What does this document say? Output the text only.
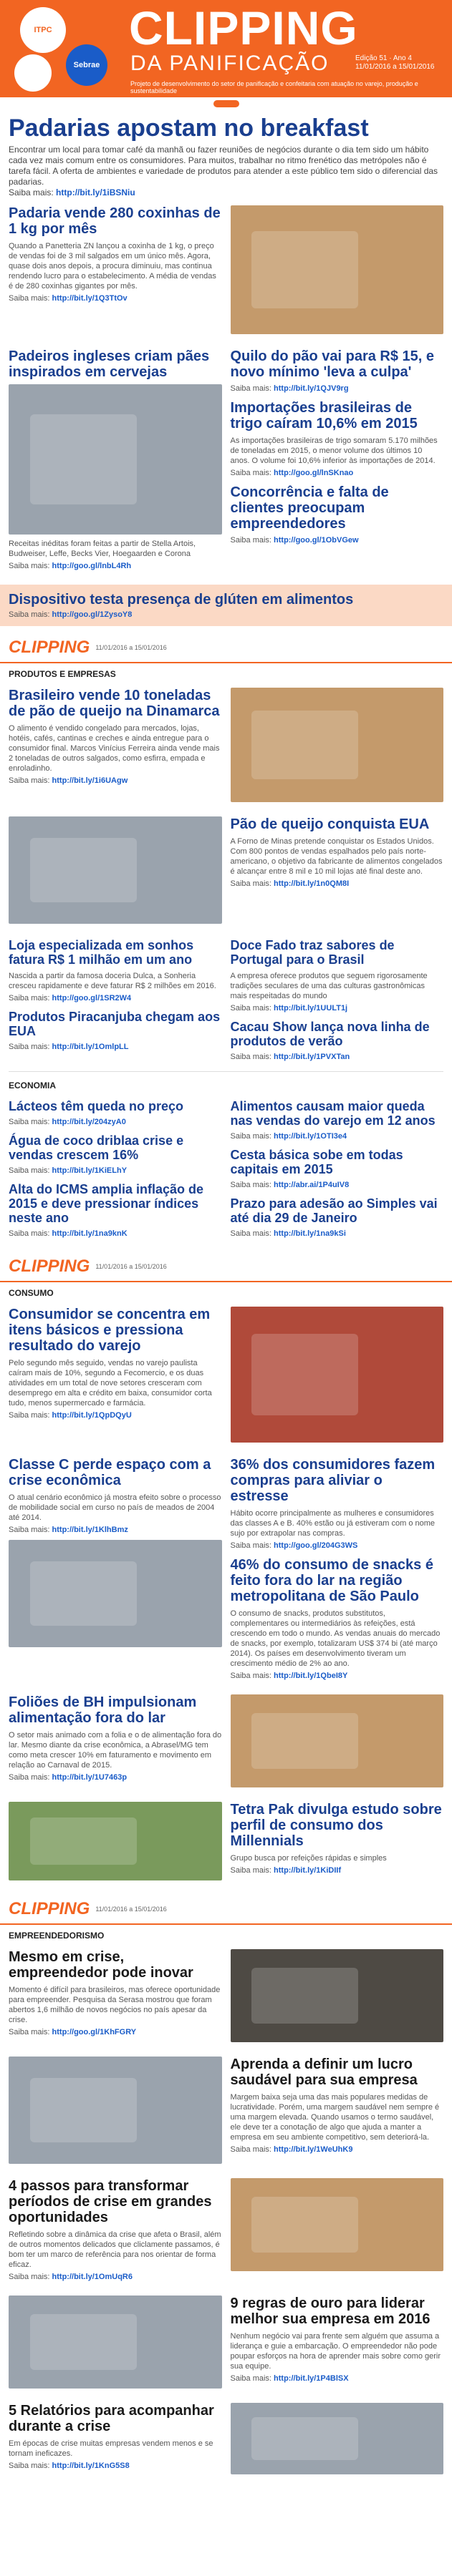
ITPC
Sebrae
CLIPPING
DA PANIFICAÇÃO	Edição 51 · Ano 4
11/01/2016 a 15/01/2016
Projeto de desenvolvimento do setor de panificação e confeitaria com atuação no varejo, produção e sustentabilidade
Padarias apostam no breakfast

Encontrar um local para tomar café da manhã ou fazer reuniões de negócios durante o dia tem sido um hábito cada vez mais comum entre os consumidores. Para muitos, trabalhar no ritmo frenético das metrópoles não é tarefa fácil. A oferta de ambientes e variedade de produtos para atender a este público tem sido o diferencial das padarias.

Saiba mais: http://bit.ly/1iBSNiu

Padaria vende 280 coxinhas de 1 kg por mês

Quando a Panetteria ZN lançou a coxinha de 1 kg, o preço de vendas foi de 3 mil salgados em um único mês. Agora, quase dois anos depois, a procura diminuiu, mas continua rendendo lucro para o estabelecimento. A média de vendas é de 280 coxinhas gigantes por mês.

Saiba mais: http://bit.ly/1Q3TtOv

Padeiros ingleses criam pães inspirados em cervejas

Receitas inéditas foram feitas a partir de Stella Artois, Budweiser, Leffe, Becks Vier, Hoegaarden e Corona

Saiba mais: http://goo.gl/lnbL4Rh

Quilo do pão vai para R$ 15, e novo mínimo 'leva a culpa'

Saiba mais: http://bit.ly/1QJV9rg

Importações brasileiras de trigo caíram 10,6% em 2015

As importações brasileiras de trigo somaram 5.170 milhões de toneladas em 2015, o menor volume dos últimos 10 anos. O volume foi 10,6% inferior às importações de 2014.

Saiba mais: http://goo.gl/lnSKnao

Concorrência e falta de clientes preocupam empreendedores

Saiba mais: http://goo.gl/1ObVGew

Dispositivo testa presença de glúten em alimentos

Saiba mais: http://goo.gl/1ZysoY8

CLIPPING 11/01/2016 a 15/01/2016
PRODUTOS E EMPRESAS
Brasileiro vende 10 toneladas de pão de queijo na Dinamarca

O alimento é vendido congelado para mercados, lojas, hotéis, cafés, cantinas e creches e ainda entregue para o consumidor final. Marcos Vinícius Ferreira ainda vende mais 2 toneladas de outros salgados, como esfirra, empada e enroladinho.

Saiba mais: http://bit.ly/1i6UAgw

Pão de queijo conquista EUA

A Forno de Minas pretende conquistar os Estados Unidos. Com 800 pontos de vendas espalhados pelo país norte-americano, o objetivo da fabricante de alimentos congelados é alcançar entre 8 mil e 10 mil lojas até final deste ano.

Saiba mais: http://bit.ly/1n0QM8I

Loja especializada em sonhos fatura R$ 1 milhão em um ano

Nascida a partir da famosa doceria Dulca, a Sonheria cresceu rapidamente e deve faturar R$ 2 milhões em 2016.

Saiba mais: http://goo.gl/1SR2W4

Produtos Piracanjuba chegam aos EUA

Saiba mais: http://bit.ly/1OmlpLL

Doce Fado traz sabores de Portugal para o Brasil

A empresa oferece produtos que seguem rigorosamente tradições seculares de uma das culturas gastronômicas mais respeitadas do mundo

Saiba mais: http://bit.ly/1UULT1j

Cacau Show lança nova linha de produtos de verão

Saiba mais: http://bit.ly/1PVXTan

ECONOMIA
Lácteos têm queda no preço

Saiba mais: http://bit.ly/204zyA0

Água de coco driblaa crise e vendas crescem 16%

Saiba mais: http://bit.ly/1KiELhY

Alta do ICMS amplia inflação de 2015 e deve pressionar índices neste ano

Saiba mais: http://bit.ly/1na9knK

Alimentos causam maior queda nas vendas do varejo em 12 anos

Saiba mais: http://bit.ly/1OTI3e4

Cesta básica sobe em todas capitais em 2015

Saiba mais: http://abr.ai/1P4uIV8

Prazo para adesão ao Simples vai até dia 29 de Janeiro

Saiba mais: http://bit.ly/1na9kSi

CLIPPING 11/01/2016 a 15/01/2016
CONSUMO
Consumidor se concentra em itens básicos e pressiona resultado do varejo

Pelo segundo mês seguido, vendas no varejo paulista caíram mais de 10%, segundo a Fecomercio, e os duas atividades em um total de nove setores cresceram com desemprego em alta e crédito em baixa, consumidor corta tudo, menos supermercado e farmácia.

Saiba mais: http://bit.ly/1QpDQyU

Classe C perde espaço com a crise econômica

O atual cenário econômico já mostra efeito sobre o processo de mobilidade social em curso no país de meados de 2004 até 2014.

Saiba mais: http://bit.ly/1KlhBmz

36% dos consumidores fazem compras para aliviar o estresse

Hábito ocorre principalmente as mulheres e consumidores das classes A e B. 40% estão ou já estiveram com o nome sujo por extrapolar nas compras.

Saiba mais: http://goo.gl/204G3WS

46% do consumo de snacks é feito fora do lar na região metropolitana de São Paulo

O consumo de snacks, produtos substitutos, complementares ou intermediários às refeições, está crescendo em todo o mundo. As vendas anuais do mercado de snacks, por exemplo, totalizaram US$ 374 bi (até março 2014). Os países em desenvolvimento tiveram um crescimento médio de 2% ao ano.

Saiba mais: http://bit.ly/1QbeI8Y

Foliões de BH impulsionam alimentação fora do lar

O setor mais animado com a folia e o de alimentação fora do lar. Mesmo diante da crise econômica, a Abrasel/MG tem como meta crescer 10% em faturamento e movimento em relação ao Carnaval de 2015.

Saiba mais: http://bit.ly/1U7463p

Tetra Pak divulga estudo sobre perfil de consumo dos Millennials

Grupo busca por refeições rápidas e simples

Saiba mais: http://bit.ly/1KiDIIf

CLIPPING 11/01/2016 a 15/01/2016
EMPREENDEDORISMO
Mesmo em crise, empreendedor pode inovar

Momento é difícil para brasileiros, mas oferece oportunidade para empreender. Pesquisa da Serasa mostrou que foram abertos 1,6 milhão de novos negócios no país apesar da crise.

Saiba mais: http://goo.gl/1KhFGRY

Aprenda a definir um lucro saudável para sua empresa

Margem baixa seja uma das mais populares medidas de lucratividade. Porém, uma margem saudável nem sempre é uma margem elevada. Quando usamos o termo saudável, ele deve ter a conotação de algo que ajuda a manter a empresa em seu ambiente competitivo, sem deteriorá-la.

Saiba mais: http://bit.ly/1WeUhK9

4 passos para transformar períodos de crise em grandes oportunidades

Refletindo sobre a dinâmica da crise que afeta o Brasil, além de outros momentos delicados que cliclamente passamos, é bom ter um marco de referência para nos orientar de forma eficaz.

Saiba mais: http://bit.ly/1OmUqR6

9 regras de ouro para liderar melhor sua empresa em 2016

Nenhum negócio vai para frente sem alguém que assuma a liderança e guie a embarcação. O empreendedor não pode poupar esforços na hora de aprender mais sobre como gerir sua equipe.

Saiba mais: http://bit.ly/1P4BlSX

5 Relatórios para acompanhar durante a crise

Em épocas de crise muitas empresas vendem menos e se tornam ineficazes.

Saiba mais: http://bit.ly/1KnG5S8
